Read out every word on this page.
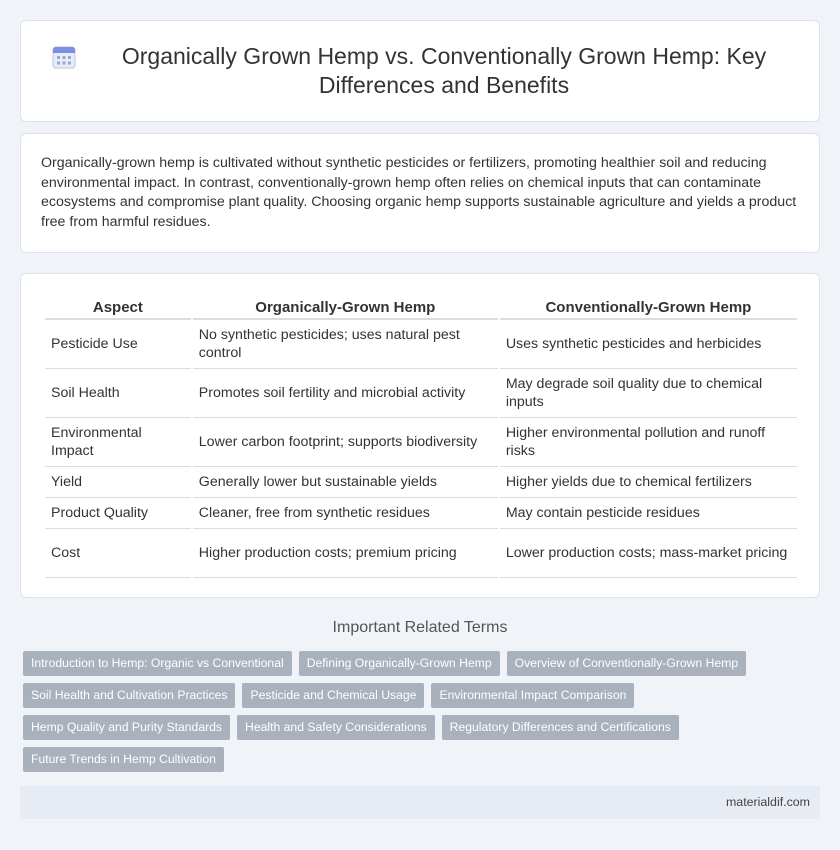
Organically Grown Hemp vs. Conventionally Grown Hemp: Key Differences and Benefits

Organically-grown hemp is cultivated without synthetic pesticides or fertilizers, promoting healthier soil and reducing environmental impact. In contrast, conventionally-grown hemp often relies on chemical inputs that can contaminate ecosystems and compromise plant quality. Choosing organic hemp supports sustainable agriculture and yields a product free from harmful residues.

Aspect	Organically-Grown Hemp	Conventionally-Grown Hemp
Pesticide Use	No synthetic pesticides; uses natural pest control	Uses synthetic pesticides and herbicides
Soil Health	Promotes soil fertility and microbial activity	May degrade soil quality due to chemical inputs
Environmental Impact	Lower carbon footprint; supports biodiversity	Higher environmental pollution and runoff risks
Yield	Generally lower but sustainable yields	Higher yields due to chemical fertilizers
Product Quality	Cleaner, free from synthetic residues	May contain pesticide residues
Cost	Higher production costs; premium pricing	Lower production costs; mass-market pricing
Important Related Terms
Introduction to Hemp: Organic vs Conventional	Defining Organically-Grown Hemp	Overview of Conventionally-Grown Hemp
Soil Health and Cultivation Practices	Pesticide and Chemical Usage	Environmental Impact Comparison
Hemp Quality and Purity Standards	Health and Safety Considerations	Regulatory Differences and Certifications
Future Trends in Hemp Cultivation
materialdif.com
